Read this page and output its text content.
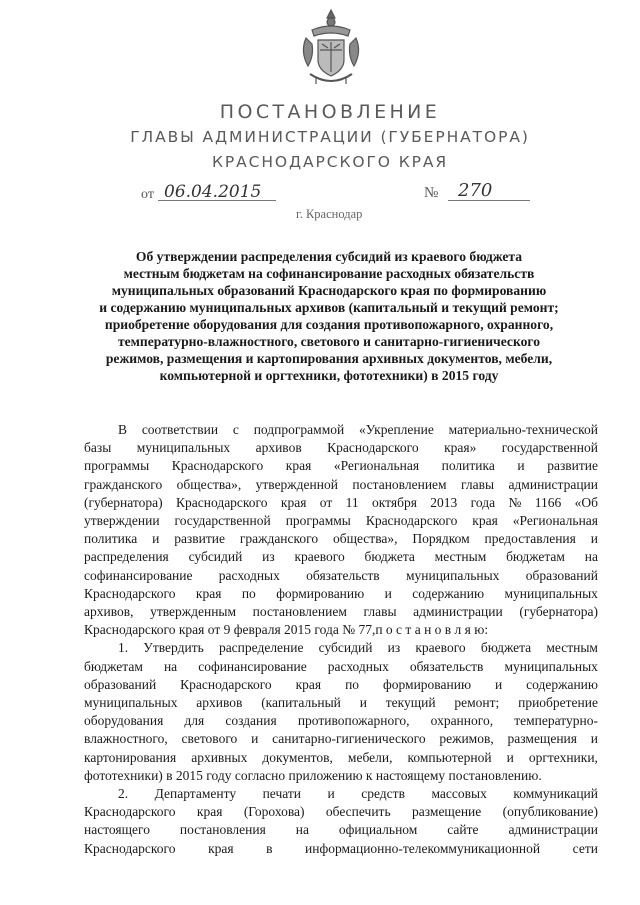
ПОСТАНОВЛЕНИЕ
ГЛАВЫ АДМИНИСТРАЦИИ (ГУБЕРНАТОРА)
КРАСНОДАРСКОГО КРАЯ
от 06.04.2015	№ 270
г. Краснодар
Об утверждении распределения субсидий из краевого бюджета
местным бюджетам на софинансирование расходных обязательств
муниципальных образований Краснодарского края по формированию
и содержанию муниципальных архивов (капитальный и текущий ремонт;
приобретение оборудования для создания противопожарного, охранного,
температурно-влажностного, светового и санитарно-гигиенического
режимов, размещения и картопирования архивных документов, мебели,
компьютерной и оргтехники, фототехники) в 2015 году
В соответствии с подпрограммой «Укрепление материально-технической
базы муниципальных архивов Краснодарского края» государственной
программы Краснодарского края «Региональная политика и развитие
гражданского общества», утвержденной постановлением главы администрации
(губернатора) Краснодарского края от 11 октября 2013 года № 1166 «Об
утверждении государственной программы Краснодарского края «Региональная
политика и развитие гражданского общества», Порядком предоставления и
распределения субсидий из краевого бюджета местным бюджетам на
софинансирование расходных обязательств муниципальных образований
Краснодарского края по формированию и содержанию муниципальных
архивов, утвержденным постановлением главы администрации (губернатора)
Краснодарского края от 9 февраля 2015 года № 77,п о с т а н о в л я ю:
1. Утвердить распределение субсидий из краевого бюджета местным
бюджетам на софинансирование расходных обязательств муниципальных
образований Краснодарского края по формированию и содержанию
муниципальных архивов (капитальный и текущий ремонт; приобретение
оборудования для создания противопожарного, охранного, температурно-
влажностного, светового и санитарно-гигиенического режимов, размещения и
картонирования архивных документов, мебели, компьютерной и оргтехники,
фототехники) в 2015 году согласно приложению к настоящему постановлению.
2. Департаменту печати и средств массовых коммуникаций
Краснодарского края (Горохова) обеспечить размещение (опубликование)
настоящего постановления на официальном сайте администрации
Краснодарского края в информационно-телекоммуникационной сети
